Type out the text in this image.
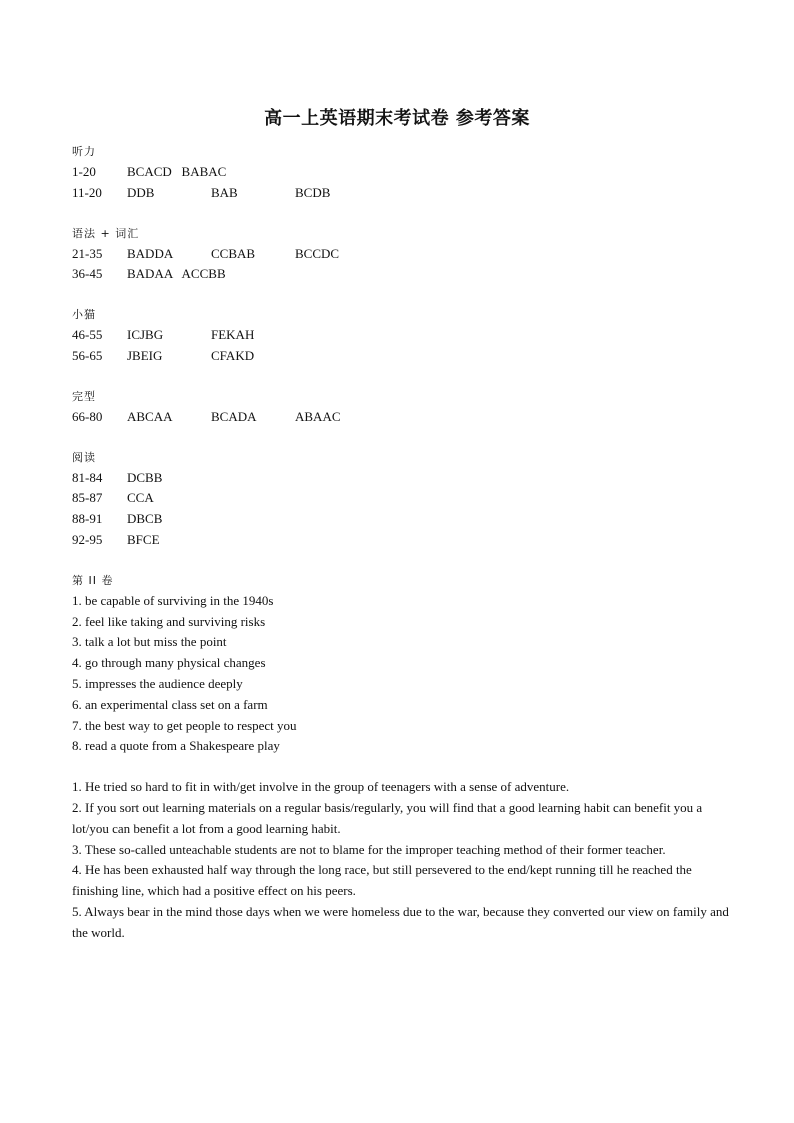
高一上英语期末考试卷 参考答案
听力
1-20	BCACD   BABAC
11-20	DDB	BAB	BCDB
语法 + 词汇
21-35	BADDA	CCBAB	BCCDC
36-45	BADAA   ACCBB
小猫
46-55	ICJBG	FEKAH
56-65	JBEIG	CFAKD
完型
66-80	ABCAA	BCADA	ABAAC
阅读
81-84	DCBB
85-87	CCA
88-91	DBCB
92-95	BFCE
第 II 卷
1. be capable of surviving in the 1940s
2. feel like taking and surviving risks
3. talk a lot but miss the point
4. go through many physical changes
5. impresses the audience deeply
6. an experimental class set on a farm
7. the best way to get people to respect you
8. read a quote from a Shakespeare play
1. He tried so hard to fit in with/get involve in the group of teenagers with a sense of adventure.
2. If you sort out learning materials on a regular basis/regularly, you will find that a good learning habit can benefit you a lot/you can benefit a lot from a good learning habit.
3. These so-called unteachable students are not to blame for the improper teaching method of their former teacher.
4. He has been exhausted half way through the long race, but still persevered to the end/kept running till he reached the finishing line, which had a positive effect on his peers.
5. Always bear in the mind those days when we were homeless due to the war, because they converted our view on family and the world.
